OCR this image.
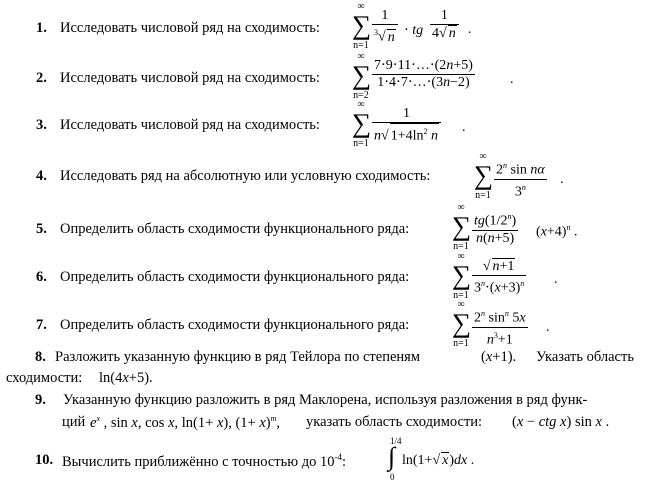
1. Исследовать числовой ряд на сходимость:
∞
∑
$n=1 \frac{1}{^3√ n}$ ⋅ tg $\frac{1}{4√ n}$ .
2. Исследовать числовой ряд на сходимость:
∞
∑
n=2
$\frac{7\cdot 9\cdot 11\cdot\dots\cdot(2n+5)}{1\cdot 4\cdot 7\cdot\dots\cdot(3n-2)}$	.
3. Исследовать числовой ряд на сходимость:
∞
∑
$n=1 \frac{1}{n√ 1+4\ln^2 n}$ .
4. Исследовать ряд на абсолютную или условную сходимость:
∞
∑
$n=1 \frac{2^n \sin n\alpha}{3^n}$ .
5. Определить область сходимости функционального ряда:
∞
∑
$n=1 \frac{tg(1/2^n)}{n(n+5)} (x+4)^n$ .
6. Определить область сходимости функционального ряда:
∞
∑
$n=1 \frac{√ n+1}{3^n\cdot(x+3)^n}$ .
7. Определить область сходимости функционального ряда:
∞
∑
$n=1 \frac{2^n \sin^n 5x}{n^3+1}$ .
8. Разложить указанную функцию в ряд Тейлора по степеням	(x+1). Указать область
сходимости: ln(4x+5).
9. Указанную функцию разложить в ряд Маклорена, используя разложения в ряд функ-
ций $e^x$ , sin x, cos x, ln(1+ x), $(1+ x)^m$, указать область сходимости: (x − ctg x) sin x .
10. Вычислить приближённо с точностью до $10^{-4}$:
1/4
∫
0
ln(1+√ x)dx .
